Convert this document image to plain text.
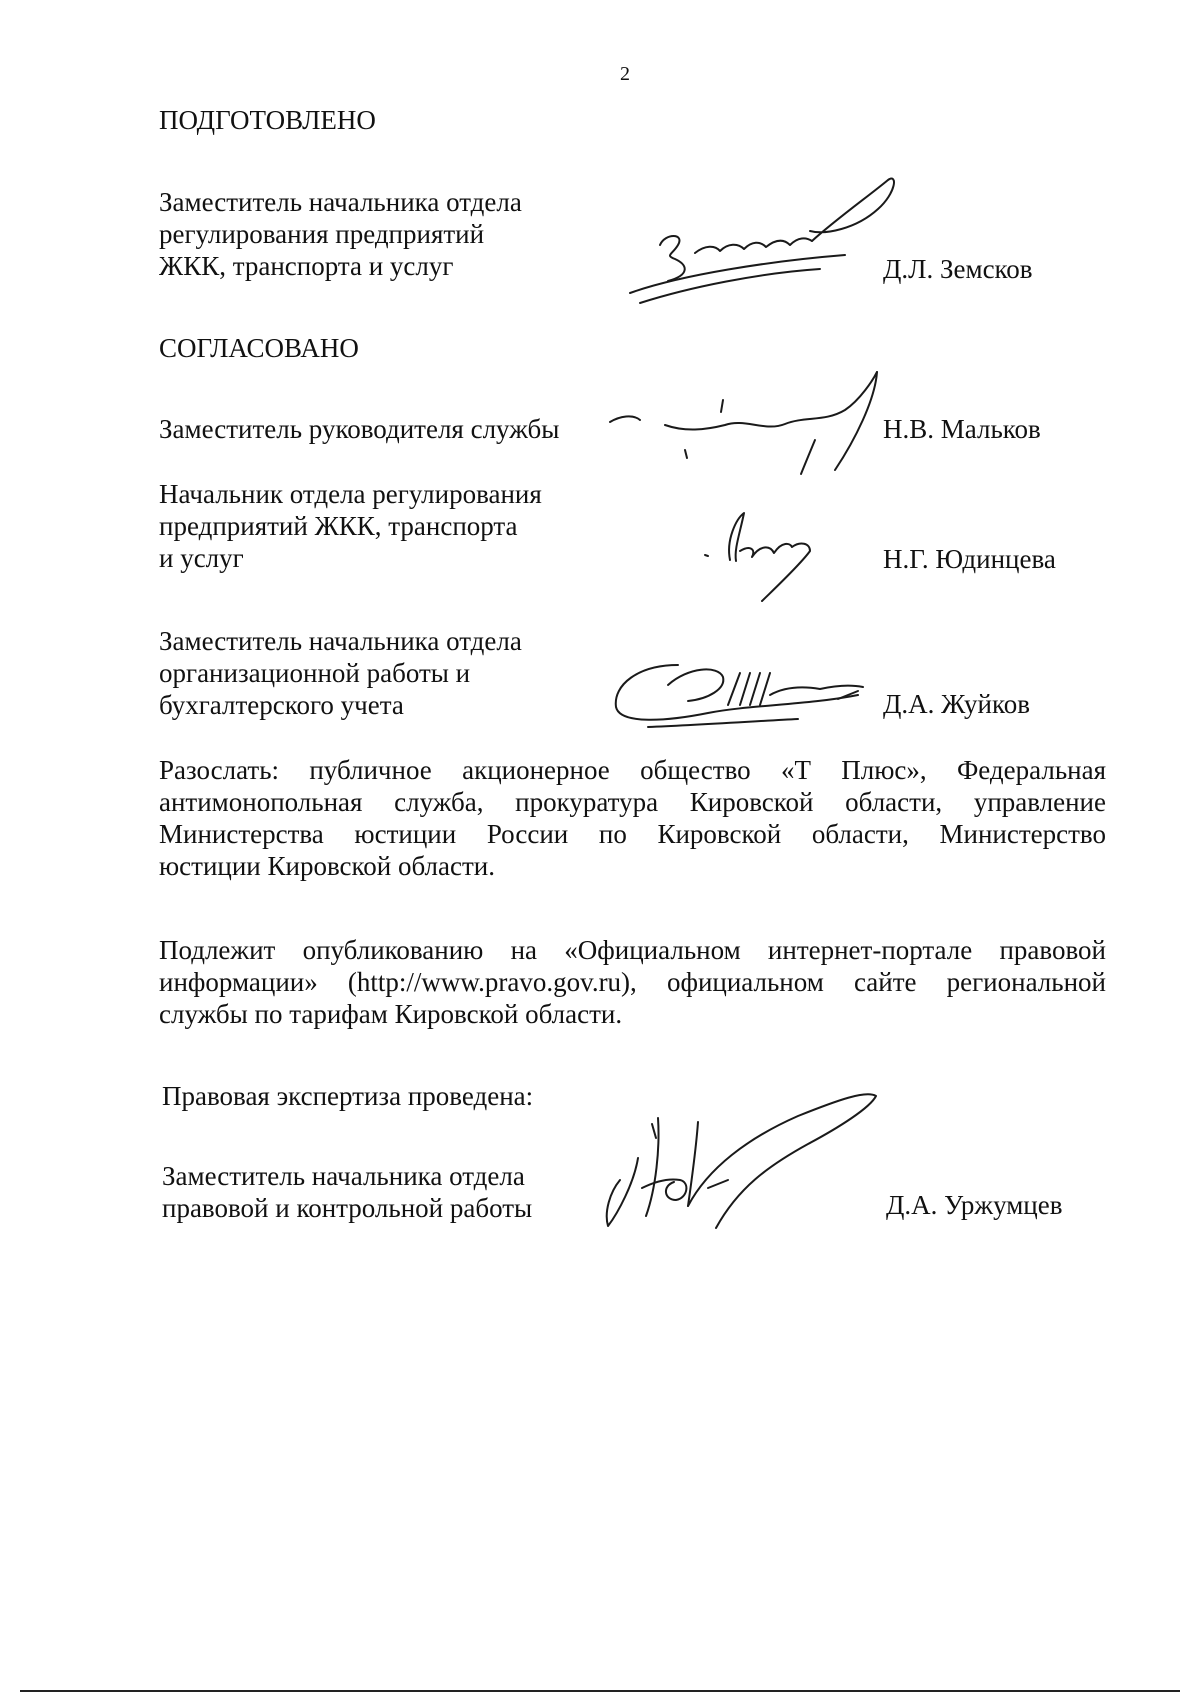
2
ПОДГОТОВЛЕНО
Заместитель начальника отдела
регулирования предприятий
ЖКК, транспорта и услуг	Д.Л. Земсков
СОГЛАСОВАНО
Заместитель руководителя службы	Н.В. Мальков
Начальник отдела регулирования
предприятий ЖКК, транспорта
и услуг	Н.Г. Юдинцева
Заместитель начальника отдела
организационной работы и
бухгалтерского учета	Д.А. Жуйков
Разослать: публичное акционерное общество «Т Плюс», Федеральная
антимонопольная служба, прокуратура Кировской области, управление
Министерства юстиции России по Кировской области, Министерство
юстиции Кировской области.
Подлежит опубликованию на «Официальном интернет-портале правовой
информации» (http://www.pravo.gov.ru), официальном сайте региональной
службы по тарифам Кировской области.
Правовая экспертиза проведена:
Заместитель начальника отдела
правовой и контрольной работы	Д.А. Уржумцев
